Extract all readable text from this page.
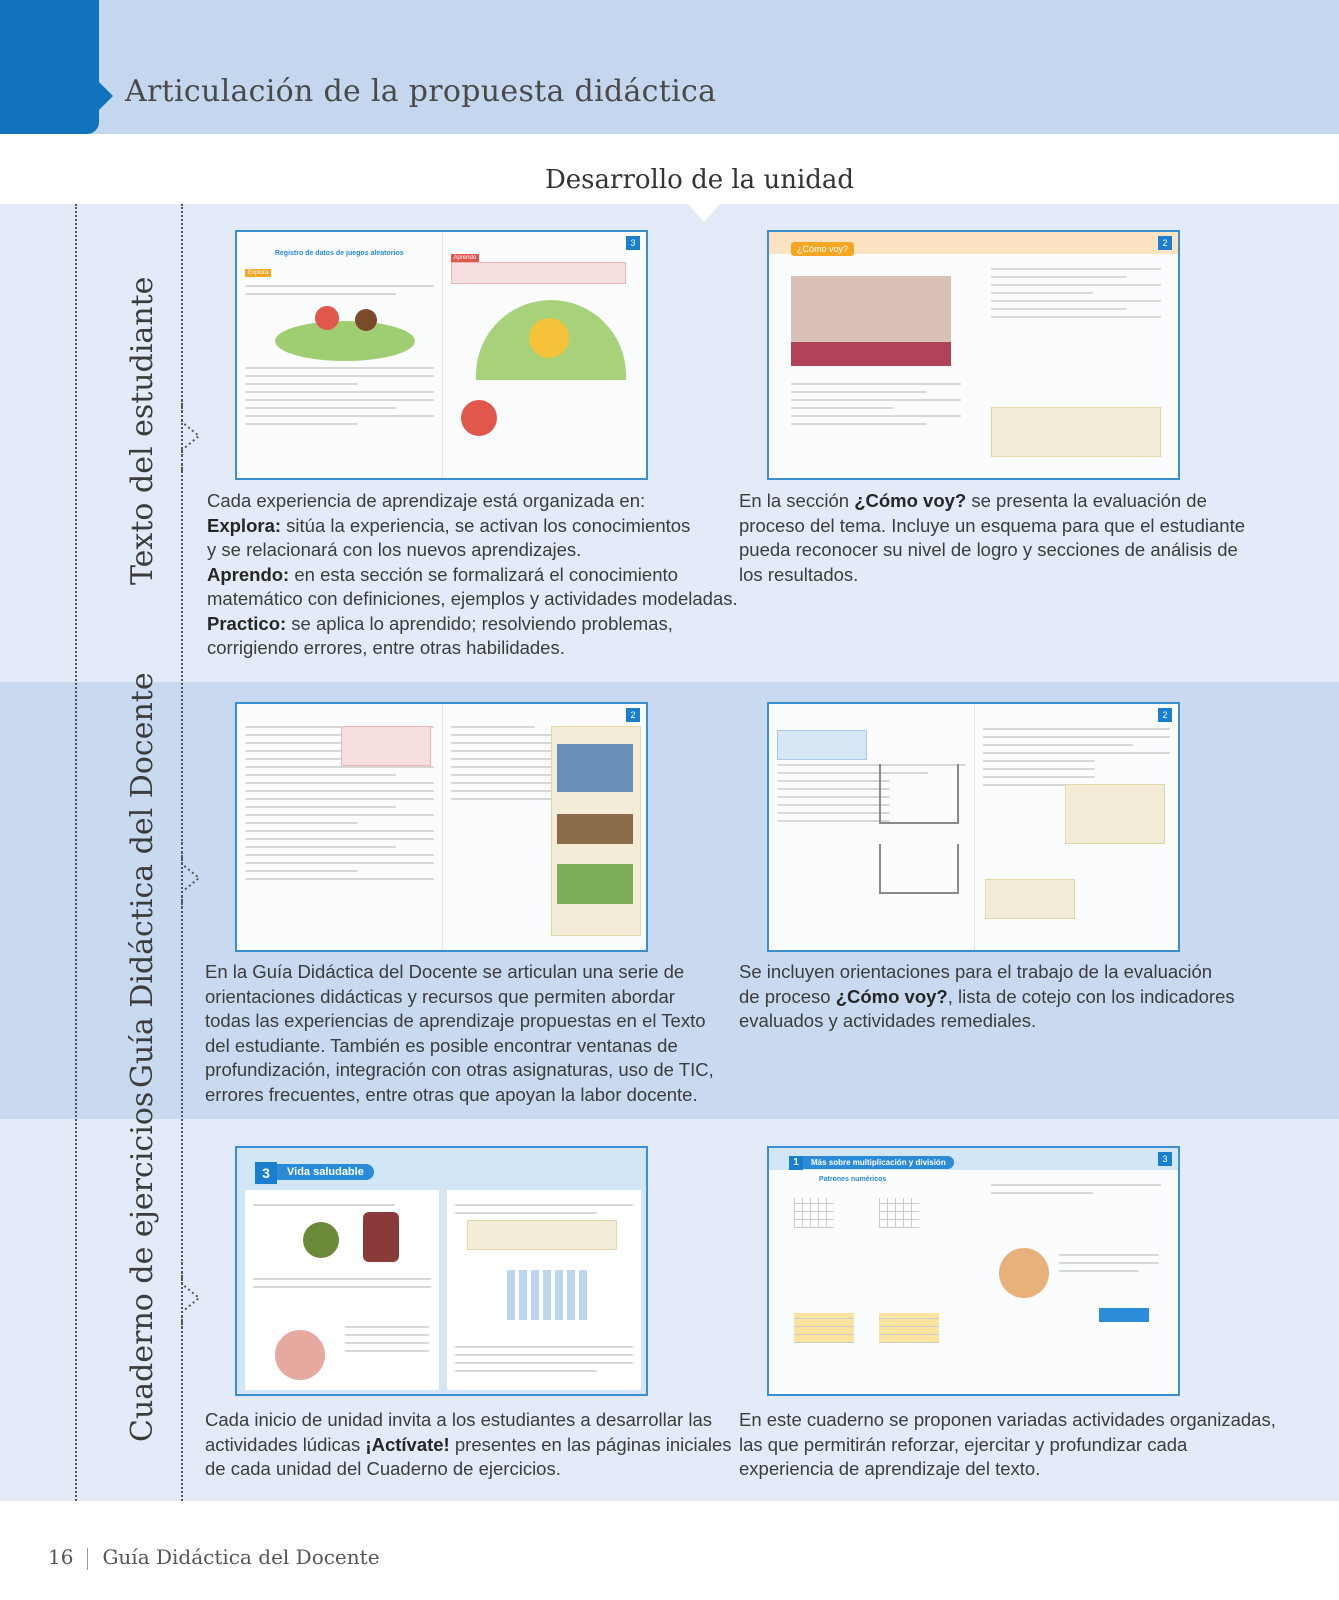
Articulación de la propuesta didáctica
Desarrollo de la unidad
Texto del estudiante
Guía Didáctica del Docente
Cuaderno de ejercicios
Registro de datos de juegos aleatorios
Explora
Aprendo
3
¿Cómo voy?
2
Cada experiencia de aprendizaje está organizada en:
Explora: sitúa la experiencia, se activan los conocimientos
y se relacionará con los nuevos aprendizajes.
Aprendo: en esta sección se formalizará el conocimiento
matemático con definiciones, ejemplos y actividades modeladas.
Practico: se aplica lo aprendido; resolviendo problemas,
corrigiendo errores, entre otras habilidades.
En la sección ¿Cómo voy? se presenta la evaluación de
proceso del tema. Incluye un esquema para que el estudiante
pueda reconocer su nivel de logro y secciones de análisis de
los resultados.
2	2
En la Guía Didáctica del Docente se articulan una serie de
orientaciones didácticas y recursos que permiten abordar
todas las experiencias de aprendizaje propuestas en el Texto
del estudiante. También es posible encontrar ventanas de
profundización, integración con otras asignaturas, uso de TIC,
errores frecuentes, entre otras que apoyan la labor docente.
Se incluyen orientaciones para el trabajo de la evaluación
de proceso ¿Cómo voy?, lista de cotejo con los indicadores
evaluados y actividades remediales.
3	Vida saludable
1	Más sobre multiplicación y división	3
Patrones numéricos
Cada inicio de unidad invita a los estudiantes a desarrollar las
actividades lúdicas ¡Actívate! presentes en las páginas iniciales
de cada unidad del Cuaderno de ejercicios.
En este cuaderno se proponen variadas actividades organizadas,
las que permitirán reforzar, ejercitar y profundizar cada
experiencia de aprendizaje del texto.
16 Guía Didáctica del Docente
